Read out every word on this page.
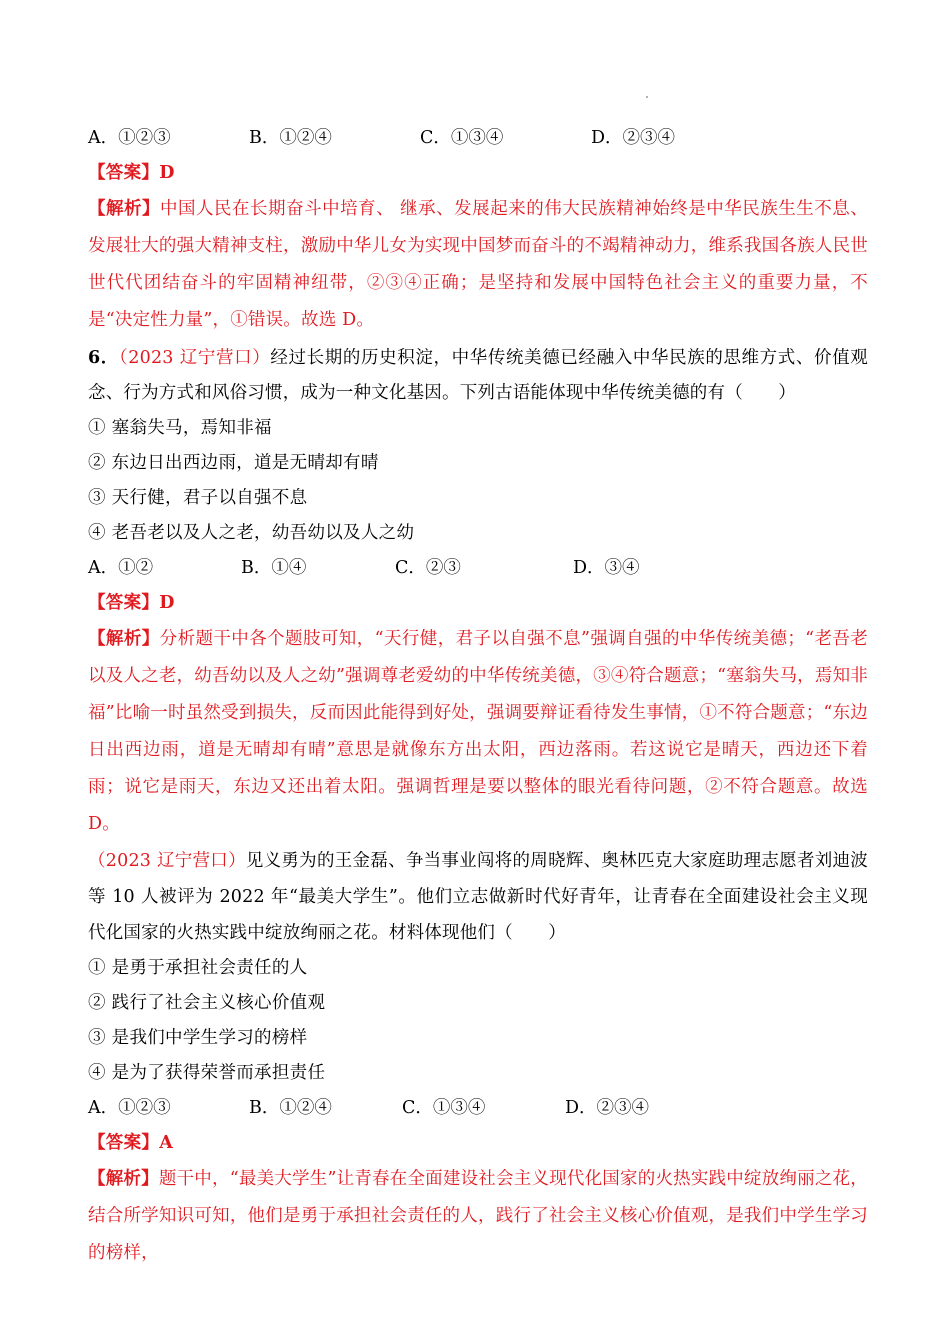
A．①②③	B．①②④	C．①③④	D．②③④
【答案】D
【解析】中国人民在长期奋斗中培育、 继承、发展起来的伟大民族精神始终是中华民族生生不息、发展壮大的强大精神支柱，激励中华儿女为实现中国梦而奋斗的不竭精神动力，维系我国各族人民世世代代团结奋斗的牢固精神纽带，②③④正确；是坚持和发展中国特色社会主义的重要力量，不是“决定性力量”，①错误。故选 D。
6．（2023 辽宁营口）经过长期的历史积淀，中华传统美德已经融入中华民族的思维方式、价值观念、行为方式和风俗习惯，成为一种文化基因。下列古语能体现中华传统美德的有（　　）
① 塞翁失马，焉知非福
② 东边日出西边雨，道是无晴却有晴
③ 天行健，君子以自强不息
④ 老吾老以及人之老，幼吾幼以及人之幼
A．①②	B．①④	C．②③	D．③④
【答案】D
【解析】分析题干中各个题肢可知，“天行健，君子以自强不息”强调自强的中华传统美德；“老吾老以及人之老，幼吾幼以及人之幼”强调尊老爱幼的中华传统美德，③④符合题意；“塞翁失马，焉知非福”比喻一时虽然受到损失，反而因此能得到好处，强调要辩证看待发生事情，①不符合题意；“东边日出西边雨，道是无晴却有晴”意思是就像东方出太阳，西边落雨。若这说它是晴天，西边还下着雨；说它是雨天，东边又还出着太阳。强调哲理是要以整体的眼光看待问题，②不符合题意。故选 D。
（2023 辽宁营口）见义勇为的王金磊、争当事业闯将的周晓辉、奥林匹克大家庭助理志愿者刘迪波等 10 人被评为 2022 年“最美大学生”。他们立志做新时代好青年，让青春在全面建设社会主义现代化国家的火热实践中绽放绚丽之花。材料体现他们（　　）
① 是勇于承担社会责任的人
② 践行了社会主义核心价值观
③ 是我们中学生学习的榜样
④ 是为了获得荣誉而承担责任
A．①②③	B．①②④	C．①③④	D．②③④
【答案】A
【解析】题干中，“最美大学生”让青春在全面建设社会主义现代化国家的火热实践中绽放绚丽之花，结合所学知识可知，他们是勇于承担社会责任的人，践行了社会主义核心价值观，是我们中学生学习的榜样，
